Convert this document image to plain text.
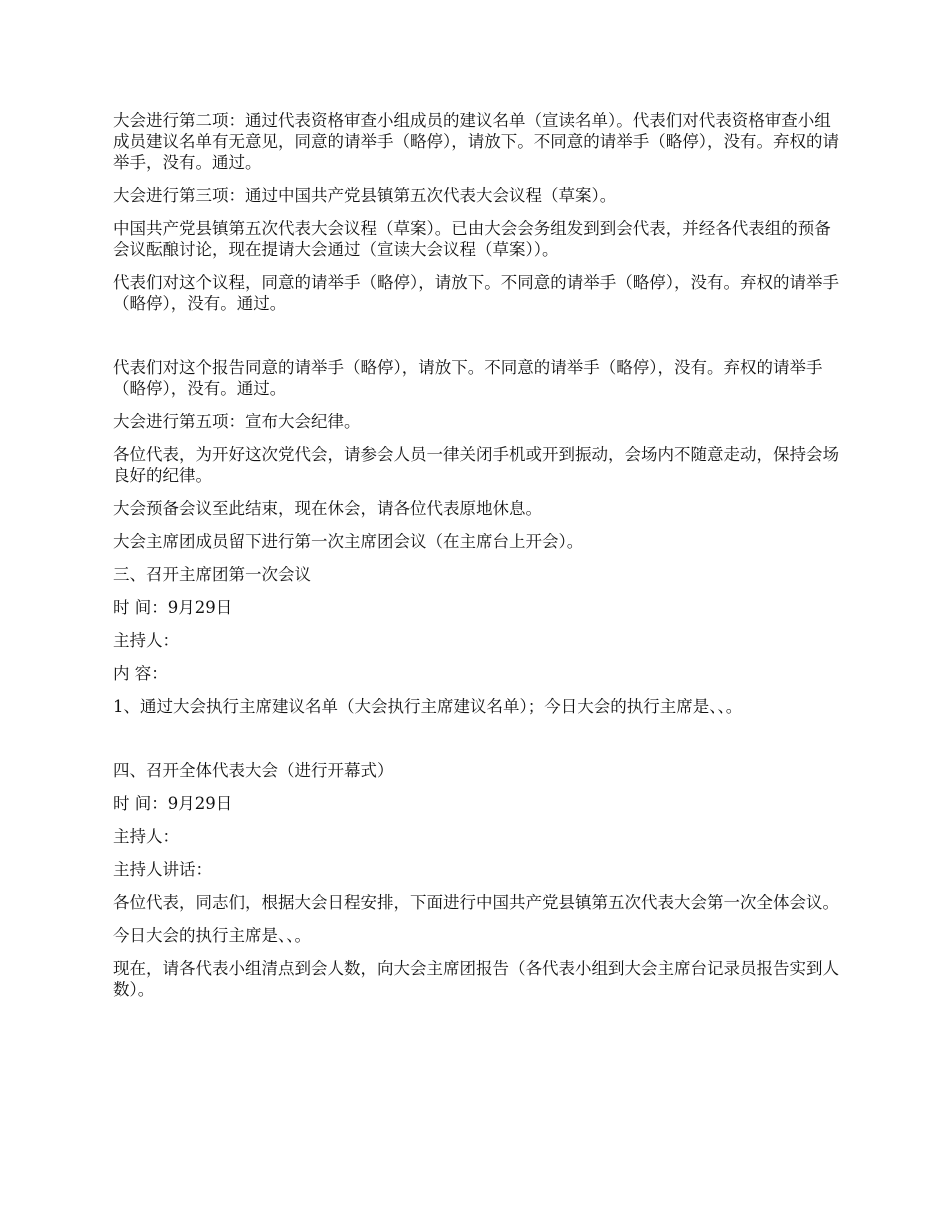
大会进行第二项：通过代表资格审查小组成员的建议名单（宣读名单）。代表们对代表资格审查小组成员建议名单有无意见，同意的请举手（略停），请放下。不同意的请举手（略停），没有。弃权的请举手，没有。通过。

大会进行第三项：通过中国共产党县镇第五次代表大会议程（草案）。

中国共产党县镇第五次代表大会议程（草案）。已由大会会务组发到到会代表，并经各代表组的预备会议酝酿讨论，现在提请大会通过（宣读大会议程（草案））。

代表们对这个议程，同意的请举手（略停），请放下。不同意的请举手（略停），没有。弃权的请举手（略停），没有。通过。

代表们对这个报告同意的请举手（略停），请放下。不同意的请举手（略停），没有。弃权的请举手（略停），没有。通过。

大会进行第五项：宣布大会纪律。

各位代表，为开好这次党代会，请参会人员一律关闭手机或开到振动，会场内不随意走动，保持会场良好的纪律。

大会预备会议至此结束，现在休会，请各位代表原地休息。

大会主席团成员留下进行第一次主席团会议（在主席台上开会）。

三、召开主席团第一次会议

时 间：9月29日

主持人：

内 容：

1、通过大会执行主席建议名单（大会执行主席建议名单）；今日大会的执行主席是、、。

四、召开全体代表大会（进行开幕式）

时 间：9月29日

主持人：

主持人讲话：

各位代表，同志们，根据大会日程安排，下面进行中国共产党县镇第五次代表大会第一次全体会议。

今日大会的执行主席是、、。

现在，请各代表小组清点到会人数，向大会主席团报告（各代表小组到大会主席台记录员报告实到人数）。
